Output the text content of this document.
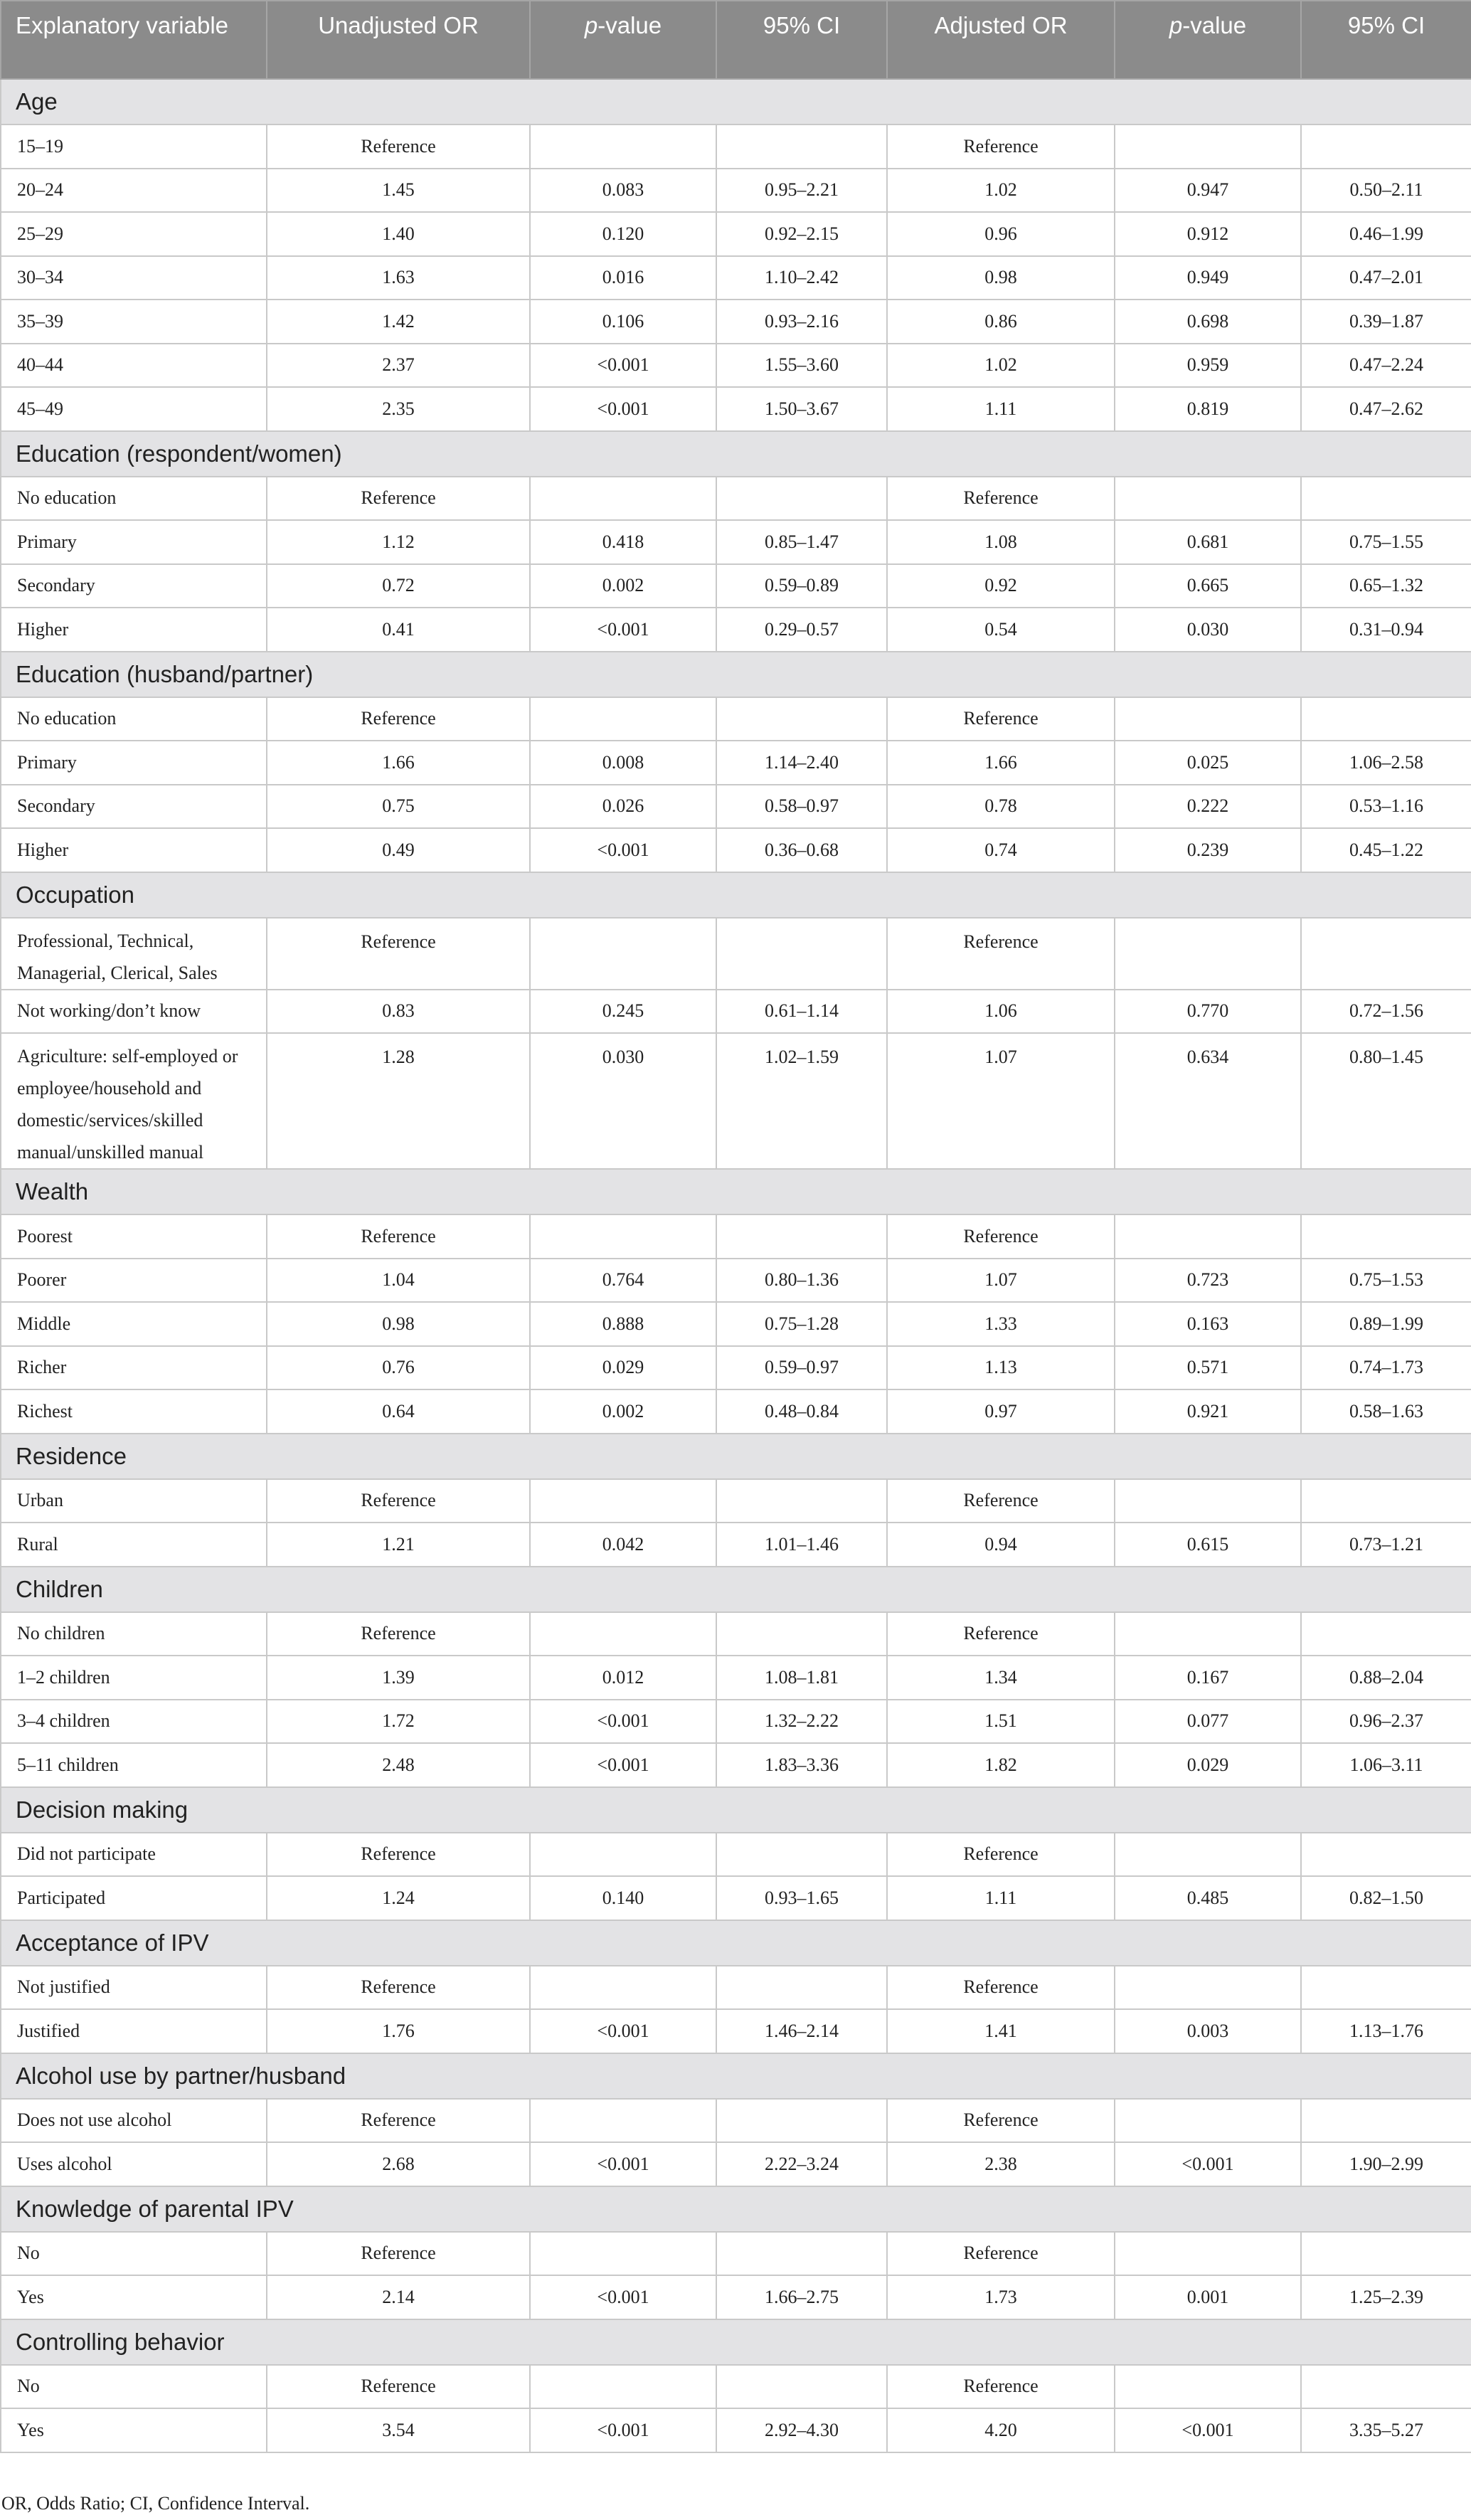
Explanatory variable	Unadjusted OR	p-value	95% CI	Adjusted OR	p-value	95% CI
Age						
15–19	Reference			Reference		
20–24	1.45	0.083	0.95–2.21	1.02	0.947	0.50–2.11
25–29	1.40	0.120	0.92–2.15	0.96	0.912	0.46–1.99
30–34	1.63	0.016	1.10–2.42	0.98	0.949	0.47–2.01
35–39	1.42	0.106	0.93–2.16	0.86	0.698	0.39–1.87
40–44	2.37	<0.001	1.55–3.60	1.02	0.959	0.47–2.24
45–49	2.35	<0.001	1.50–3.67	1.11	0.819	0.47–2.62
Education (respondent/women)						
No education	Reference			Reference		
Primary	1.12	0.418	0.85–1.47	1.08	0.681	0.75–1.55
Secondary	0.72	0.002	0.59–0.89	0.92	0.665	0.65–1.32
Higher	0.41	<0.001	0.29–0.57	0.54	0.030	0.31–0.94
Education (husband/partner)						
No education	Reference			Reference		
Primary	1.66	0.008	1.14–2.40	1.66	0.025	1.06–2.58
Secondary	0.75	0.026	0.58–0.97	0.78	0.222	0.53–1.16
Higher	0.49	<0.001	0.36–0.68	0.74	0.239	0.45–1.22
Occupation						
Professional, Technical, Managerial, Clerical, Sales	Reference			Reference		
Not working/don’t know	0.83	0.245	0.61–1.14	1.06	0.770	0.72–1.56
Agriculture: self-employed or employee/household and domestic/services/skilled manual/unskilled manual	1.28	0.030	1.02–1.59	1.07	0.634	0.80–1.45
Wealth						
Poorest	Reference			Reference		
Poorer	1.04	0.764	0.80–1.36	1.07	0.723	0.75–1.53
Middle	0.98	0.888	0.75–1.28	1.33	0.163	0.89–1.99
Richer	0.76	0.029	0.59–0.97	1.13	0.571	0.74–1.73
Richest	0.64	0.002	0.48–0.84	0.97	0.921	0.58–1.63
Residence						
Urban	Reference			Reference		
Rural	1.21	0.042	1.01–1.46	0.94	0.615	0.73–1.21
Children						
No children	Reference			Reference		
1–2 children	1.39	0.012	1.08–1.81	1.34	0.167	0.88–2.04
3–4 children	1.72	<0.001	1.32–2.22	1.51	0.077	0.96–2.37
5–11 children	2.48	<0.001	1.83–3.36	1.82	0.029	1.06–3.11
Decision making						
Did not participate	Reference			Reference		
Participated	1.24	0.140	0.93–1.65	1.11	0.485	0.82–1.50
Acceptance of IPV						
Not justified	Reference			Reference		
Justified	1.76	<0.001	1.46–2.14	1.41	0.003	1.13–1.76
Alcohol use by partner/husband						
Does not use alcohol	Reference			Reference		
Uses alcohol	2.68	<0.001	2.22–3.24	2.38	<0.001	1.90–2.99
Knowledge of parental IPV						
No	Reference			Reference		
Yes	2.14	<0.001	1.66–2.75	1.73	0.001	1.25–2.39
Controlling behavior						
No	Reference			Reference		
Yes	3.54	<0.001	2.92–4.30	4.20	<0.001	3.35–5.27
OR, Odds Ratio; CI, Confidence Interval.
